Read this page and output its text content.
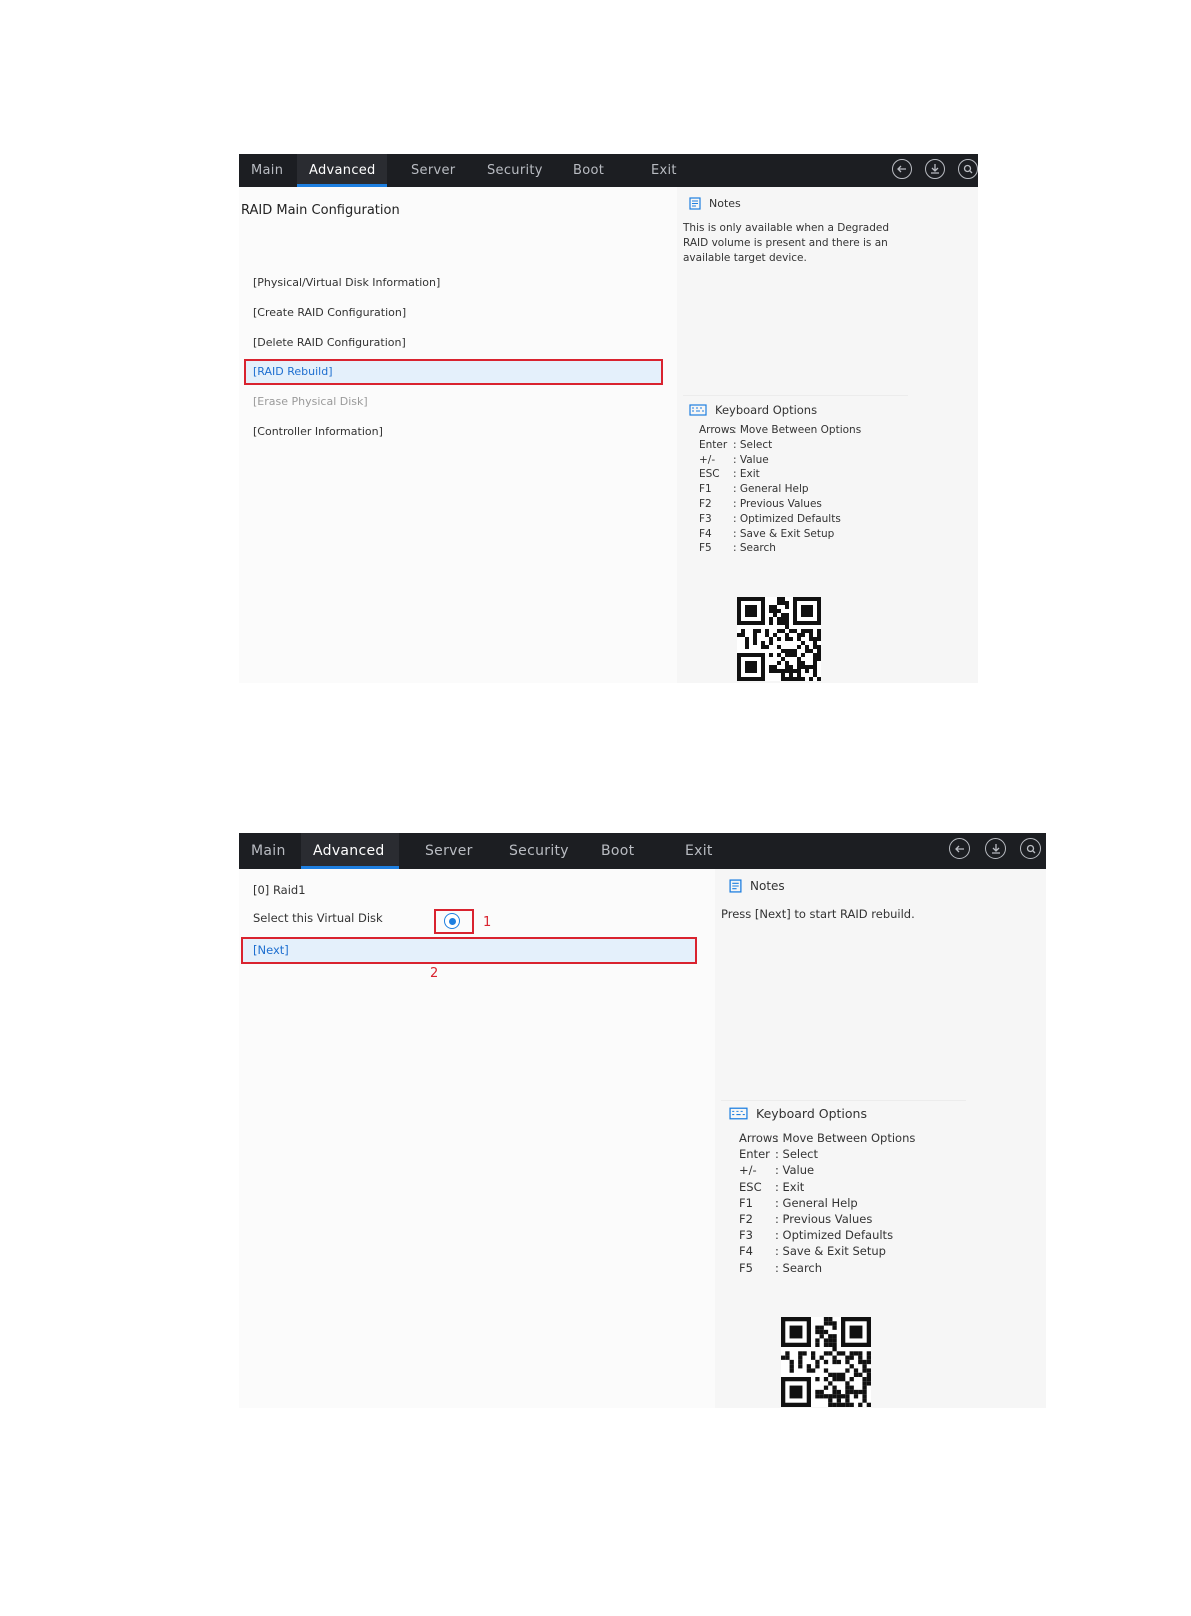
Main	Advanced	Server	Security	Boot	Exit
RAID Main Configuration
[Physical/Virtual Disk Information]
[Create RAID Configuration]
[Delete RAID Configuration]
[RAID Rebuild]
[Erase Physical Disk]
[Controller Information]
Notes
This is only available when a Degraded RAID volume is present and there is an available target device.
Keyboard Options
Arrows: Move Between Options
Enter : Select
+/- : Value
ESC : Exit
F1 : General Help
F2 : Previous Values
F3 : Optimized Defaults
F4 : Save & Exit Setup
F5 : Search
Main	Advanced	Server	Security	Boot	Exit
[0] Raid1
Select this Virtual Disk	1
[Next]
2
Notes
Press [Next] to start RAID rebuild.
Keyboard Options
Arrows: Move Between Options
Enter : Select
+/- : Value
ESC : Exit
F1 : General Help
F2 : Previous Values
F3 : Optimized Defaults
F4 : Save & Exit Setup
F5 : Search
